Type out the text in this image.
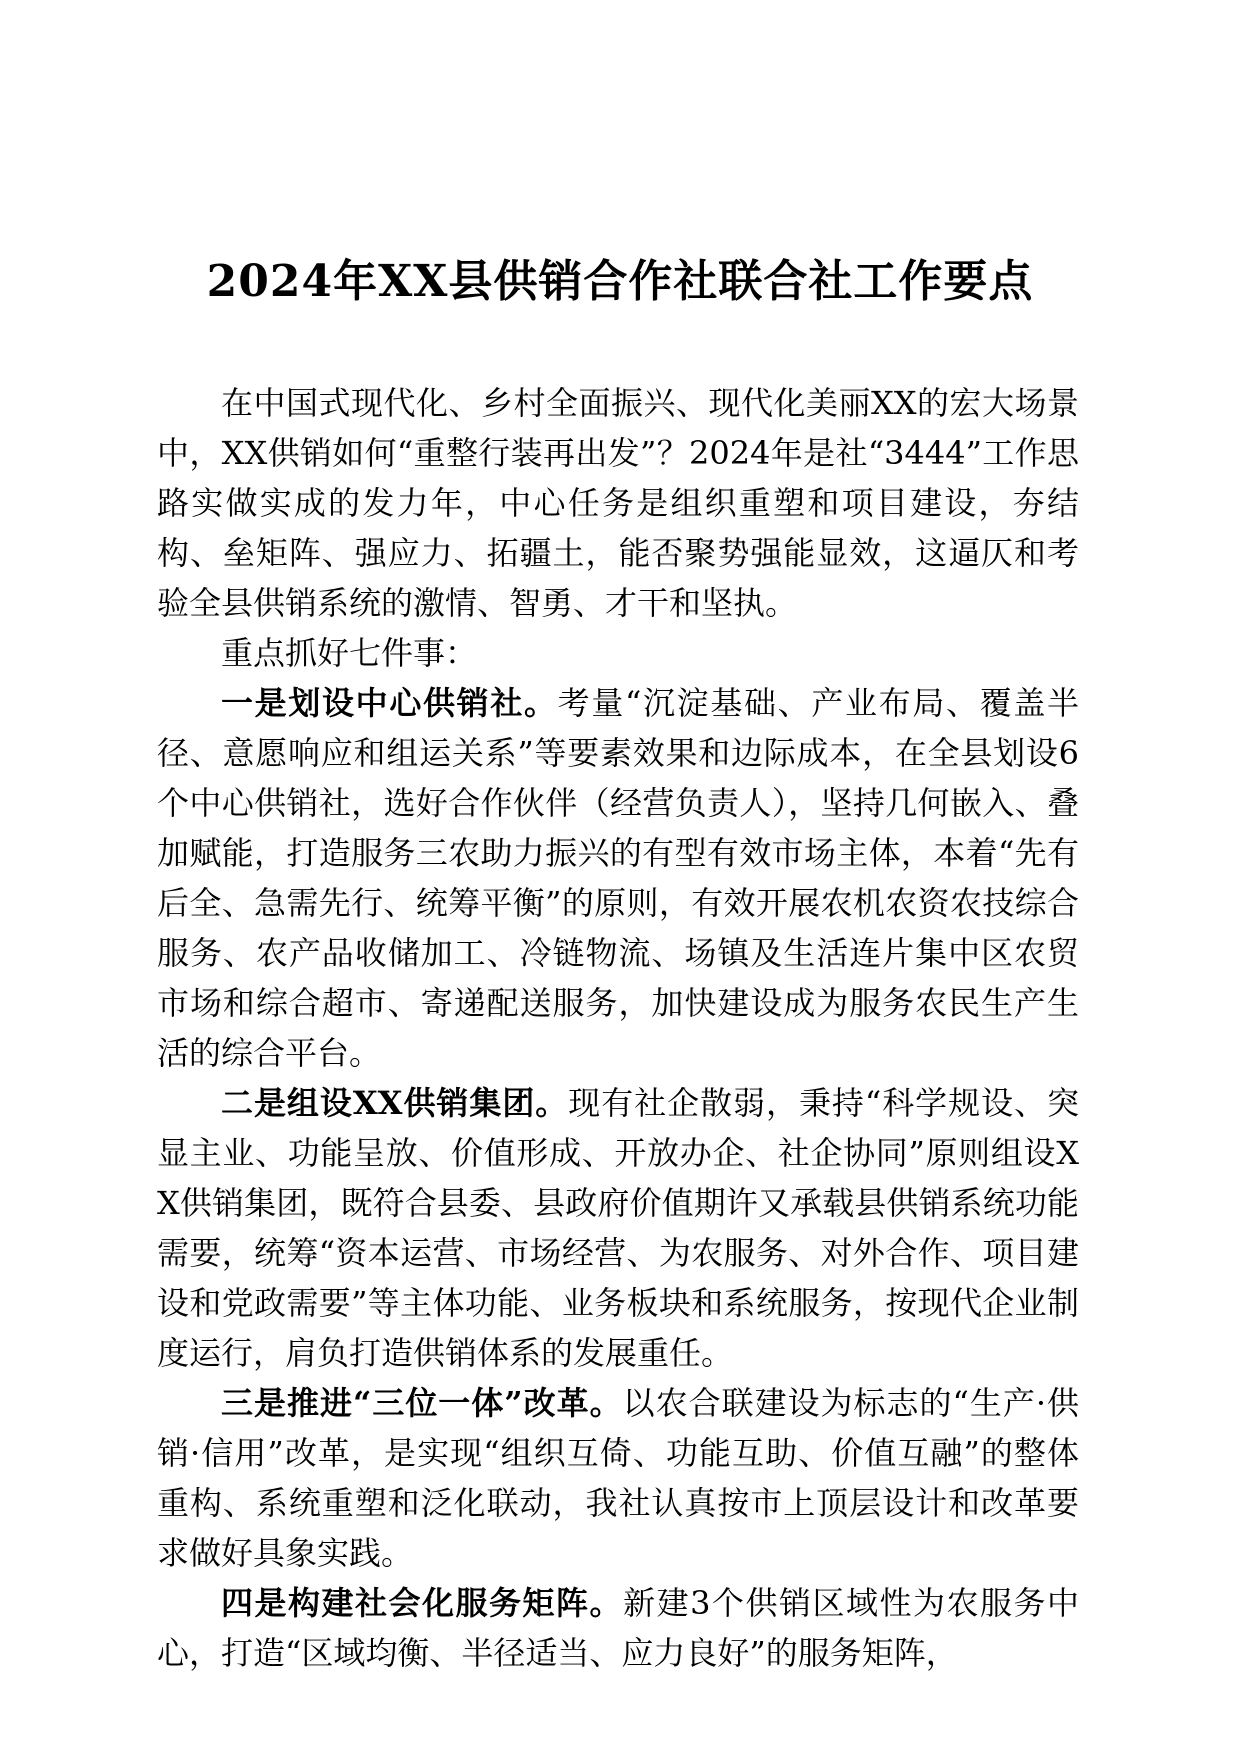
2024年XX县供销合作社联合社工作要点

在中国式现代化、乡村全面振兴、现代化美丽XX的宏大场景中，XX供销如何“重整行装再出发”？2024年是社“3444”工作思路实做实成的发力年，中心任务是组织重塑和项目建设，夯结构、垒矩阵、强应力、拓疆土，能否聚势强能显效，这逼仄和考验全县供销系统的激情、智勇、才干和坚执。

重点抓好七件事：

一是划设中心供销社。考量“沉淀基础、产业布局、覆盖半径、意愿响应和组运关系”等要素效果和边际成本，在全县划设6个中心供销社，选好合作伙伴（经营负责人），坚持几何嵌入、叠加赋能，打造服务三农助力振兴的有型有效市场主体，本着“先有后全、急需先行、统筹平衡”的原则，有效开展农机农资农技综合服务、农产品收储加工、冷链物流、场镇及生活连片集中区农贸市场和综合超市、寄递配送服务，加快建设成为服务农民生产生活的综合平台。

二是组设XX供销集团。现有社企散弱，秉持“科学规设、突显主业、功能呈放、价值形成、开放办企、社企协同”原则组设XX供销集团，既符合县委、县政府价值期许又承载县供销系统功能需要，统筹“资本运营、市场经营、为农服务、对外合作、项目建设和党政需要”等主体功能、业务板块和系统服务，按现代企业制度运行，肩负打造供销体系的发展重任。

三是推进“三位一体”改革。以农合联建设为标志的“生产·供销·信用”改革，是实现“组织互倚、功能互助、价值互融”的整体重构、系统重塑和泛化联动，我社认真按市上顶层设计和改革要求做好具象实践。

四是构建社会化服务矩阵。新建3个供销区域性为农服务中心，打造“区域均衡、半径适当、应力良好”的服务矩阵，
